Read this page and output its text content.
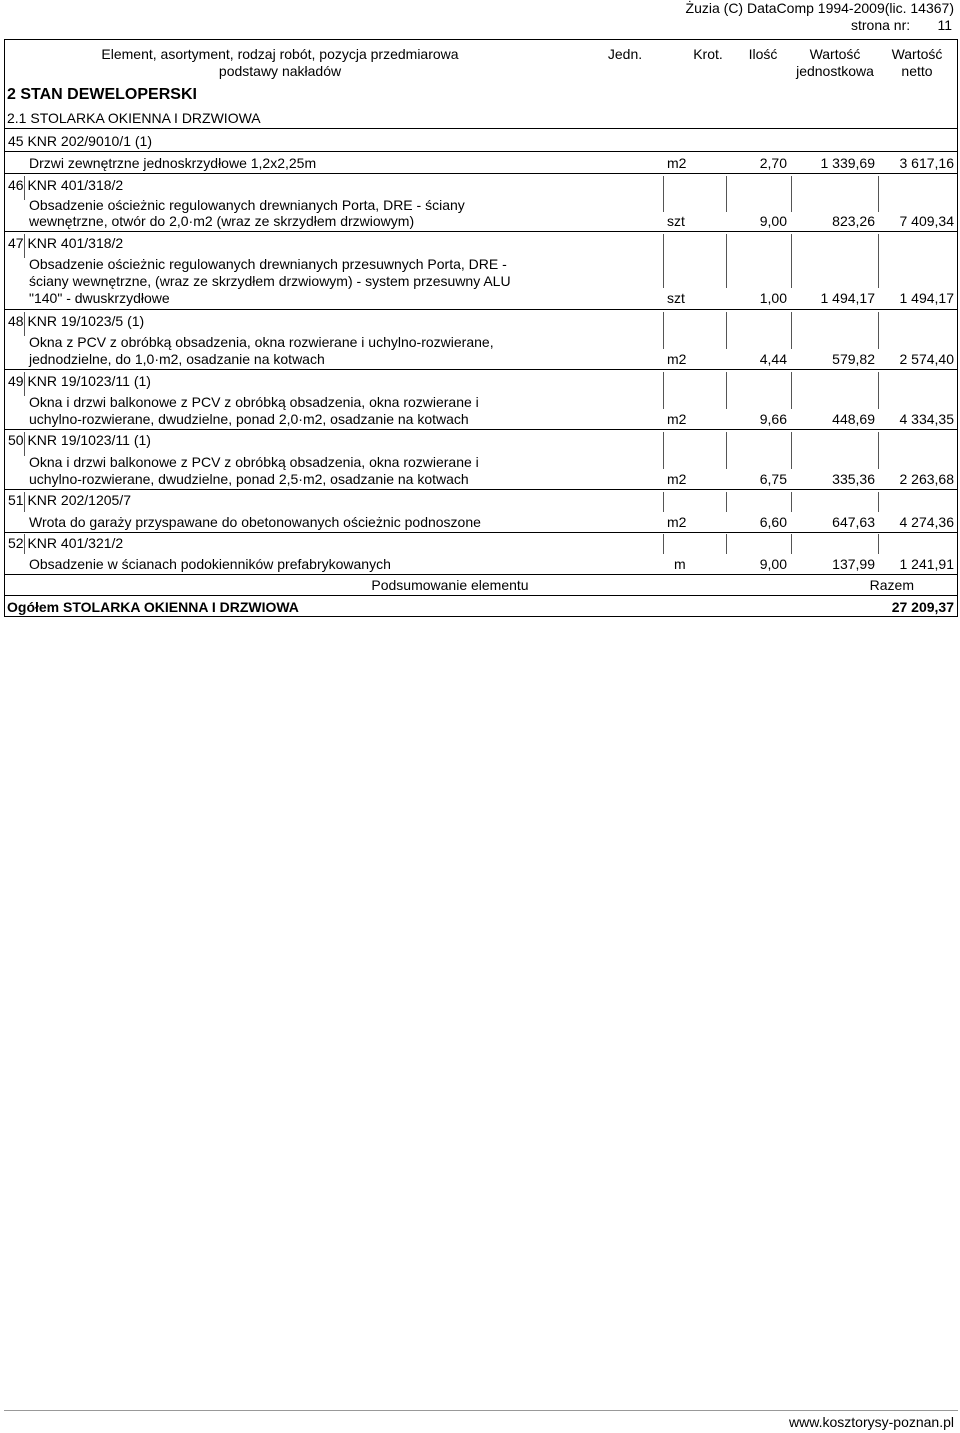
Żuzia (C) DataComp 1994-2009(lic. 14367)
strona nr: 11
Element, asortyment, rodzaj robót, pozycja przedmiarowa
podstawy nakładów
Jedn.	Krot.	Ilość	Wartość
jednostkowa
Wartość
netto
2 STAN DEWELOPERSKI
2.1 STOLARKA OKIENNA I DRZWIOWA
45 KNR 202/9010/1 (1)
Drzwi zewnętrzne jednoskrzydłowe 1,2x2,25m	m2	2,70	1 339,69	3 617,16
46 KNR 401/318/2
Obsadzenie ościeżnic regulowanych drewnianych Porta, DRE - ściany
wewnętrzne, otwór do 2,0·m2 (wraz ze skrzydłem drzwiowym)	szt	9,00	823,26	7 409,34
47 KNR 401/318/2
Obsadzenie ościeżnic regulowanych drewnianych przesuwnych Porta, DRE -
ściany wewnętrzne, (wraz ze skrzydłem drzwiowym) - system przesuwny ALU
"140" - dwuskrzydłowe	szt	1,00	1 494,17	1 494,17
48 KNR 19/1023/5 (1)
Okna z PCV z obróbką obsadzenia, okna rozwierane i uchylno-rozwierane,
jednodzielne, do 1,0·m2, osadzanie na kotwach	m2	4,44	579,82	2 574,40
49 KNR 19/1023/11 (1)
Okna i drzwi balkonowe z PCV z obróbką obsadzenia, okna rozwierane i
uchylno-rozwierane, dwudzielne, ponad 2,0·m2, osadzanie na kotwach	m2	9,66	448,69	4 334,35
50 KNR 19/1023/11 (1)
Okna i drzwi balkonowe z PCV z obróbką obsadzenia, okna rozwierane i
uchylno-rozwierane, dwudzielne, ponad 2,5·m2, osadzanie na kotwach	m2	6,75	335,36	2 263,68
51 KNR 202/1205/7
Wrota do garaży przyspawane do obetonowanych ościeżnic podnoszone	m2	6,60	647,63	4 274,36
52 KNR 401/321/2
Obsadzenie w ścianach podokienników prefabrykowanych	m	9,00	137,99	1 241,91
Podsumowanie elementu	Razem
Ogółem STOLARKA OKIENNA I DRZWIOWA	27 209,37
www.kosztorysy-poznan.pl
